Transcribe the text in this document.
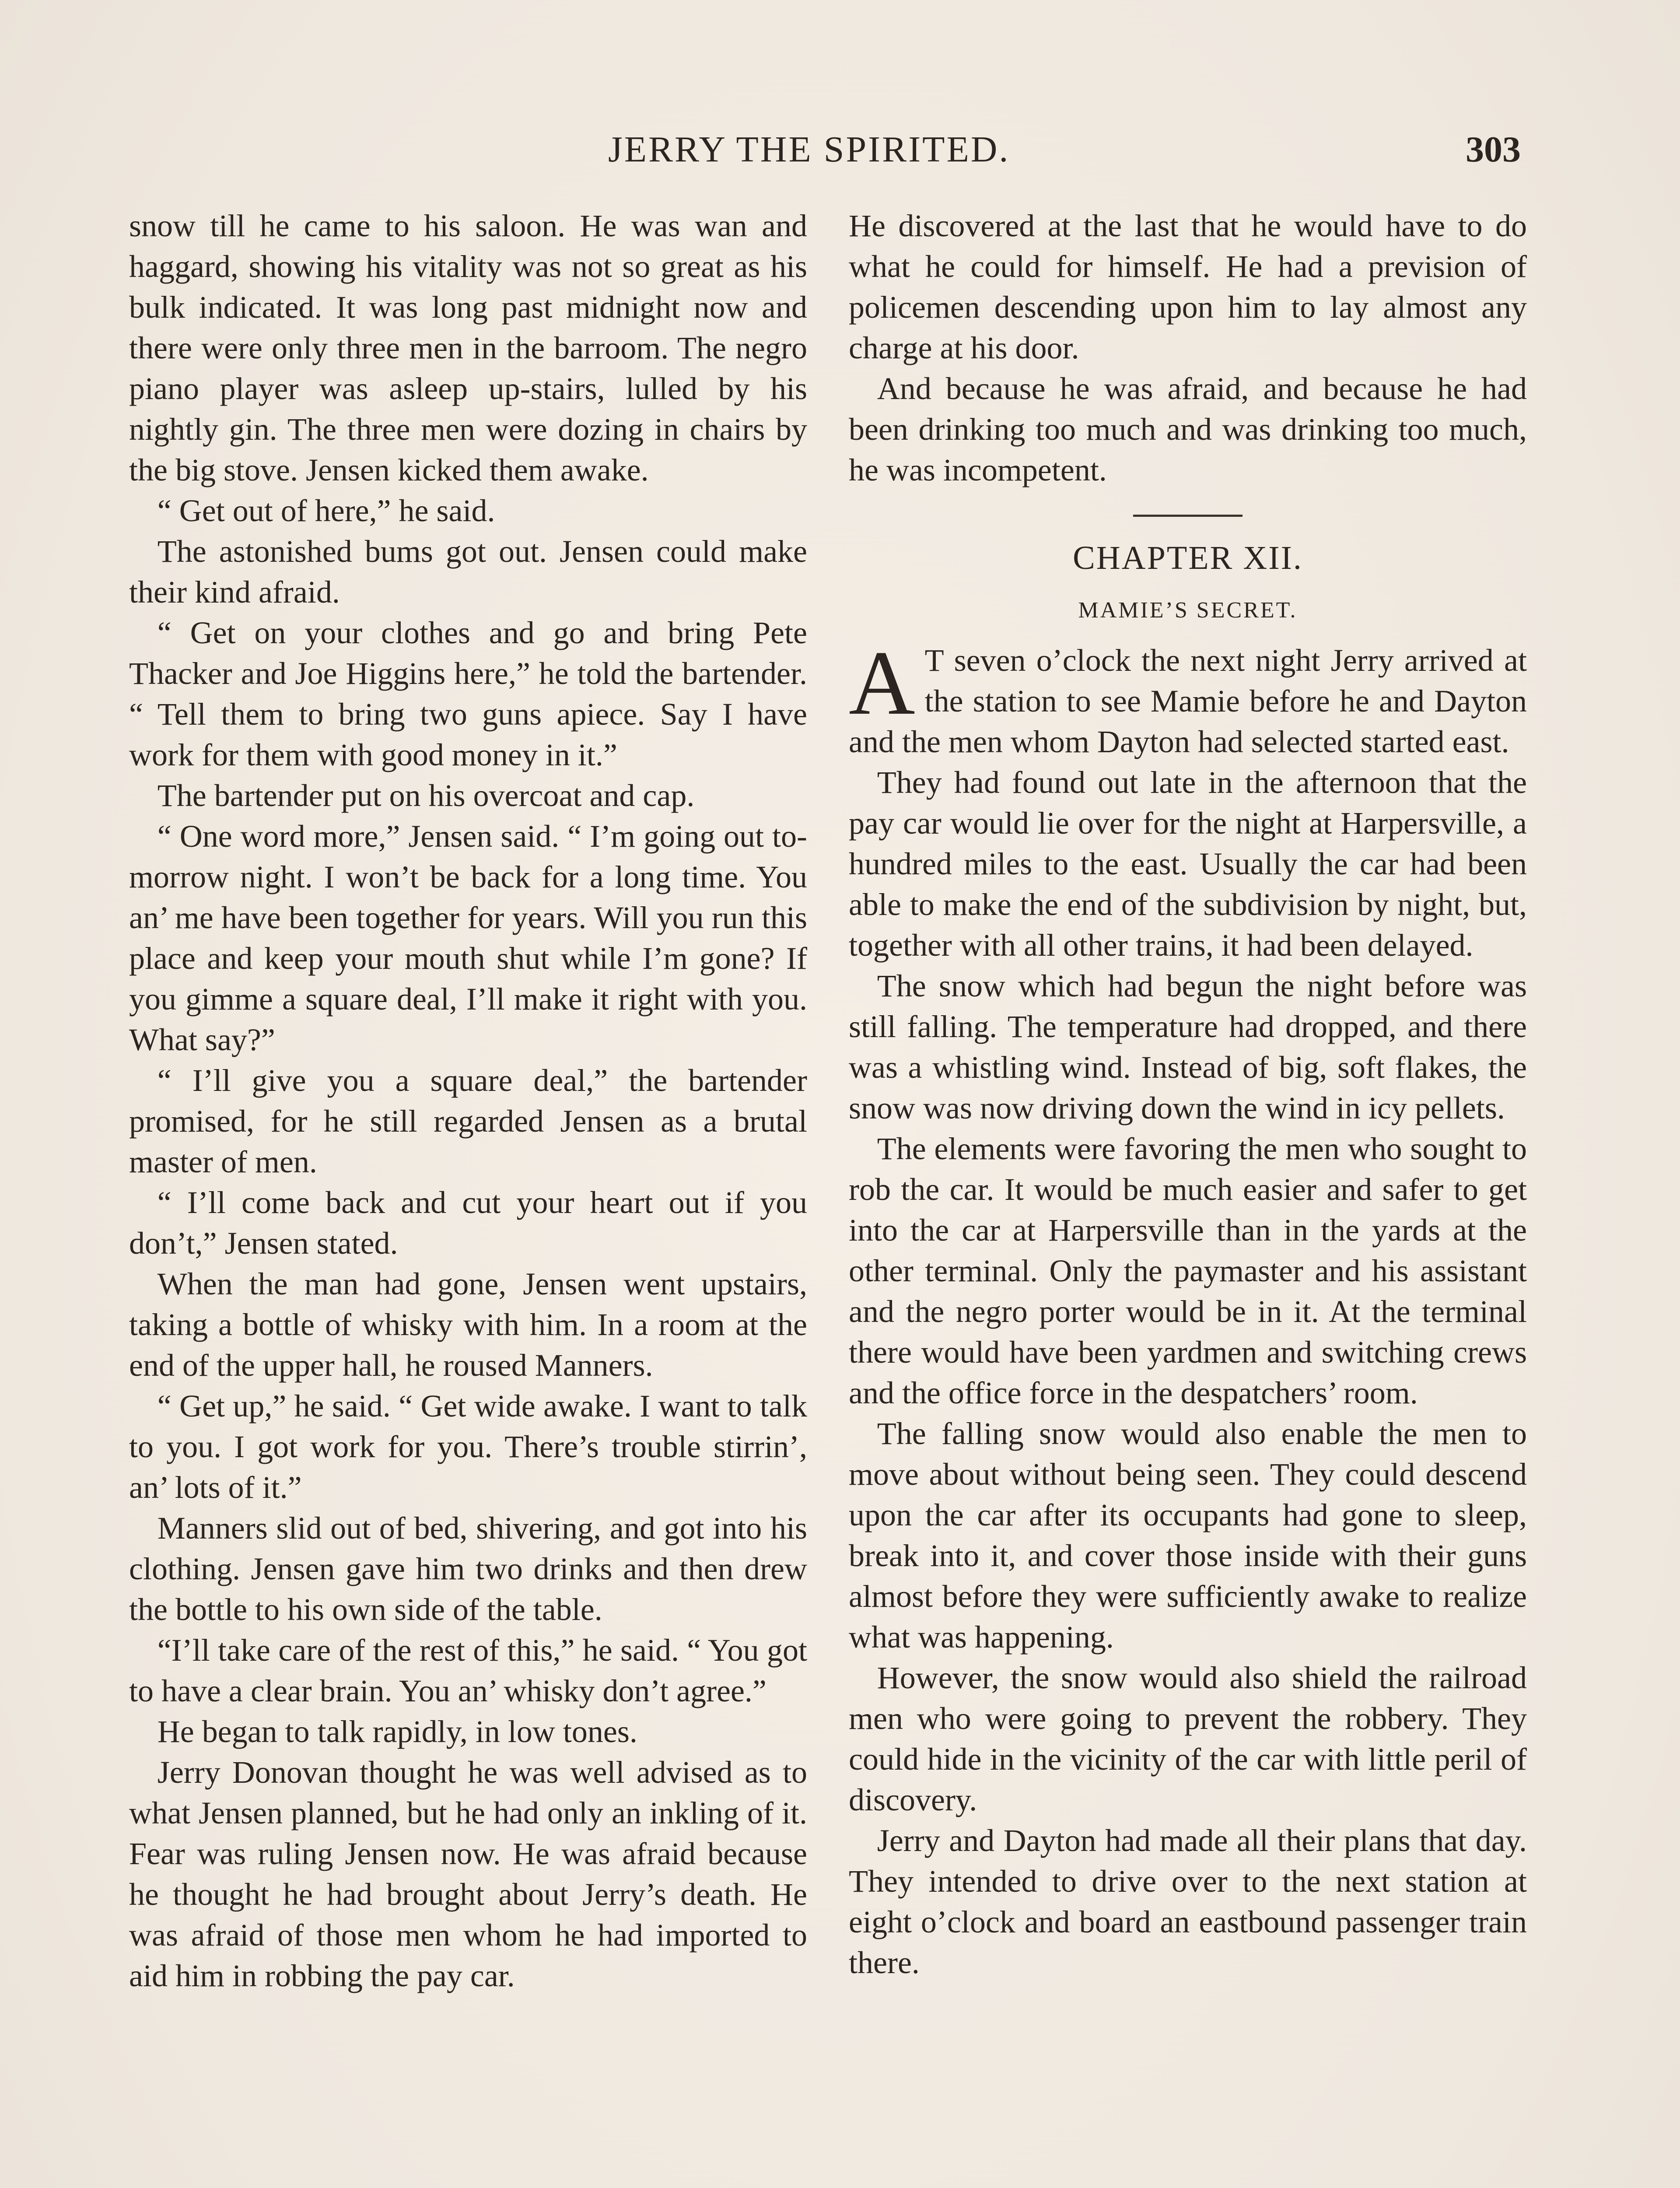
JERRY THE SPIRITED.	303

snow till he came to his saloon. He was wan and haggard, showing his vitality was not so great as his bulk indicated. It was long past midnight now and there were only three men in the barroom. The negro piano player was asleep up-stairs, lulled by his nightly gin. The three men were dozing in chairs by the big stove. Jensen kicked them awake.

“ Get out of here,” he said.

The astonished bums got out. Jensen could make their kind afraid.

“ Get on your clothes and go and bring Pete Thacker and Joe Higgins here,” he told the bartender. “ Tell them to bring two guns apiece. Say I have work for them with good money in it.”

The bartender put on his overcoat and cap.

“ One word more,” Jensen said. “ I’m going out to-morrow night. I won’t be back for a long time. You an’ me have been together for years. Will you run this place and keep your mouth shut while I’m gone? If you gimme a square deal, I’ll make it right with you. What say?”

“ I’ll give you a square deal,” the bartender promised, for he still regarded Jensen as a brutal master of men.

“ I’ll come back and cut your heart out if you don’t,” Jensen stated.

When the man had gone, Jensen went upstairs, taking a bottle of whisky with him. In a room at the end of the upper hall, he roused Manners.

“ Get up,” he said. “ Get wide awake. I want to talk to you. I got work for you. There’s trouble stirrin’, an’ lots of it.”

Manners slid out of bed, shivering, and got into his clothing. Jensen gave him two drinks and then drew the bottle to his own side of the table.

“I’ll take care of the rest of this,” he said. “ You got to have a clear brain. You an’ whisky don’t agree.”

He began to talk rapidly, in low tones.

Jerry Donovan thought he was well advised as to what Jensen planned, but he had only an inkling of it. Fear was ruling Jensen now. He was afraid because he thought he had brought about Jerry’s death. He was afraid of those men whom he had imported to aid him in robbing the pay car.

He discovered at the last that he would have to do what he could for himself. He had a prevision of policemen descending upon him to lay almost any charge at his door.

And because he was afraid, and because he had been drinking too much and was drinking too much, he was incompetent.

CHAPTER XII.
MAMIE’S SECRET.

A T seven o’clock the next night Jerry arrived at the station to see Mamie before he and Dayton and the men whom Dayton had selected started east.

They had found out late in the afternoon that the pay car would lie over for the night at Harpersville, a hundred miles to the east. Usually the car had been able to make the end of the subdivision by night, but, together with all other trains, it had been delayed.

The snow which had begun the night before was still falling. The temperature had dropped, and there was a whistling wind. Instead of big, soft flakes, the snow was now driving down the wind in icy pellets.

The elements were favoring the men who sought to rob the car. It would be much easier and safer to get into the car at Harpersville than in the yards at the other terminal. Only the paymaster and his assistant and the negro porter would be in it. At the terminal there would have been yardmen and switching crews and the office force in the despatchers’ room.

The falling snow would also enable the men to move about without being seen. They could descend upon the car after its occupants had gone to sleep, break into it, and cover those inside with their guns almost before they were sufficiently awake to realize what was happening.

However, the snow would also shield the railroad men who were going to prevent the robbery. They could hide in the vicinity of the car with little peril of discovery.

Jerry and Dayton had made all their plans that day. They intended to drive over to the next station at eight o’clock and board an eastbound passenger train there.
